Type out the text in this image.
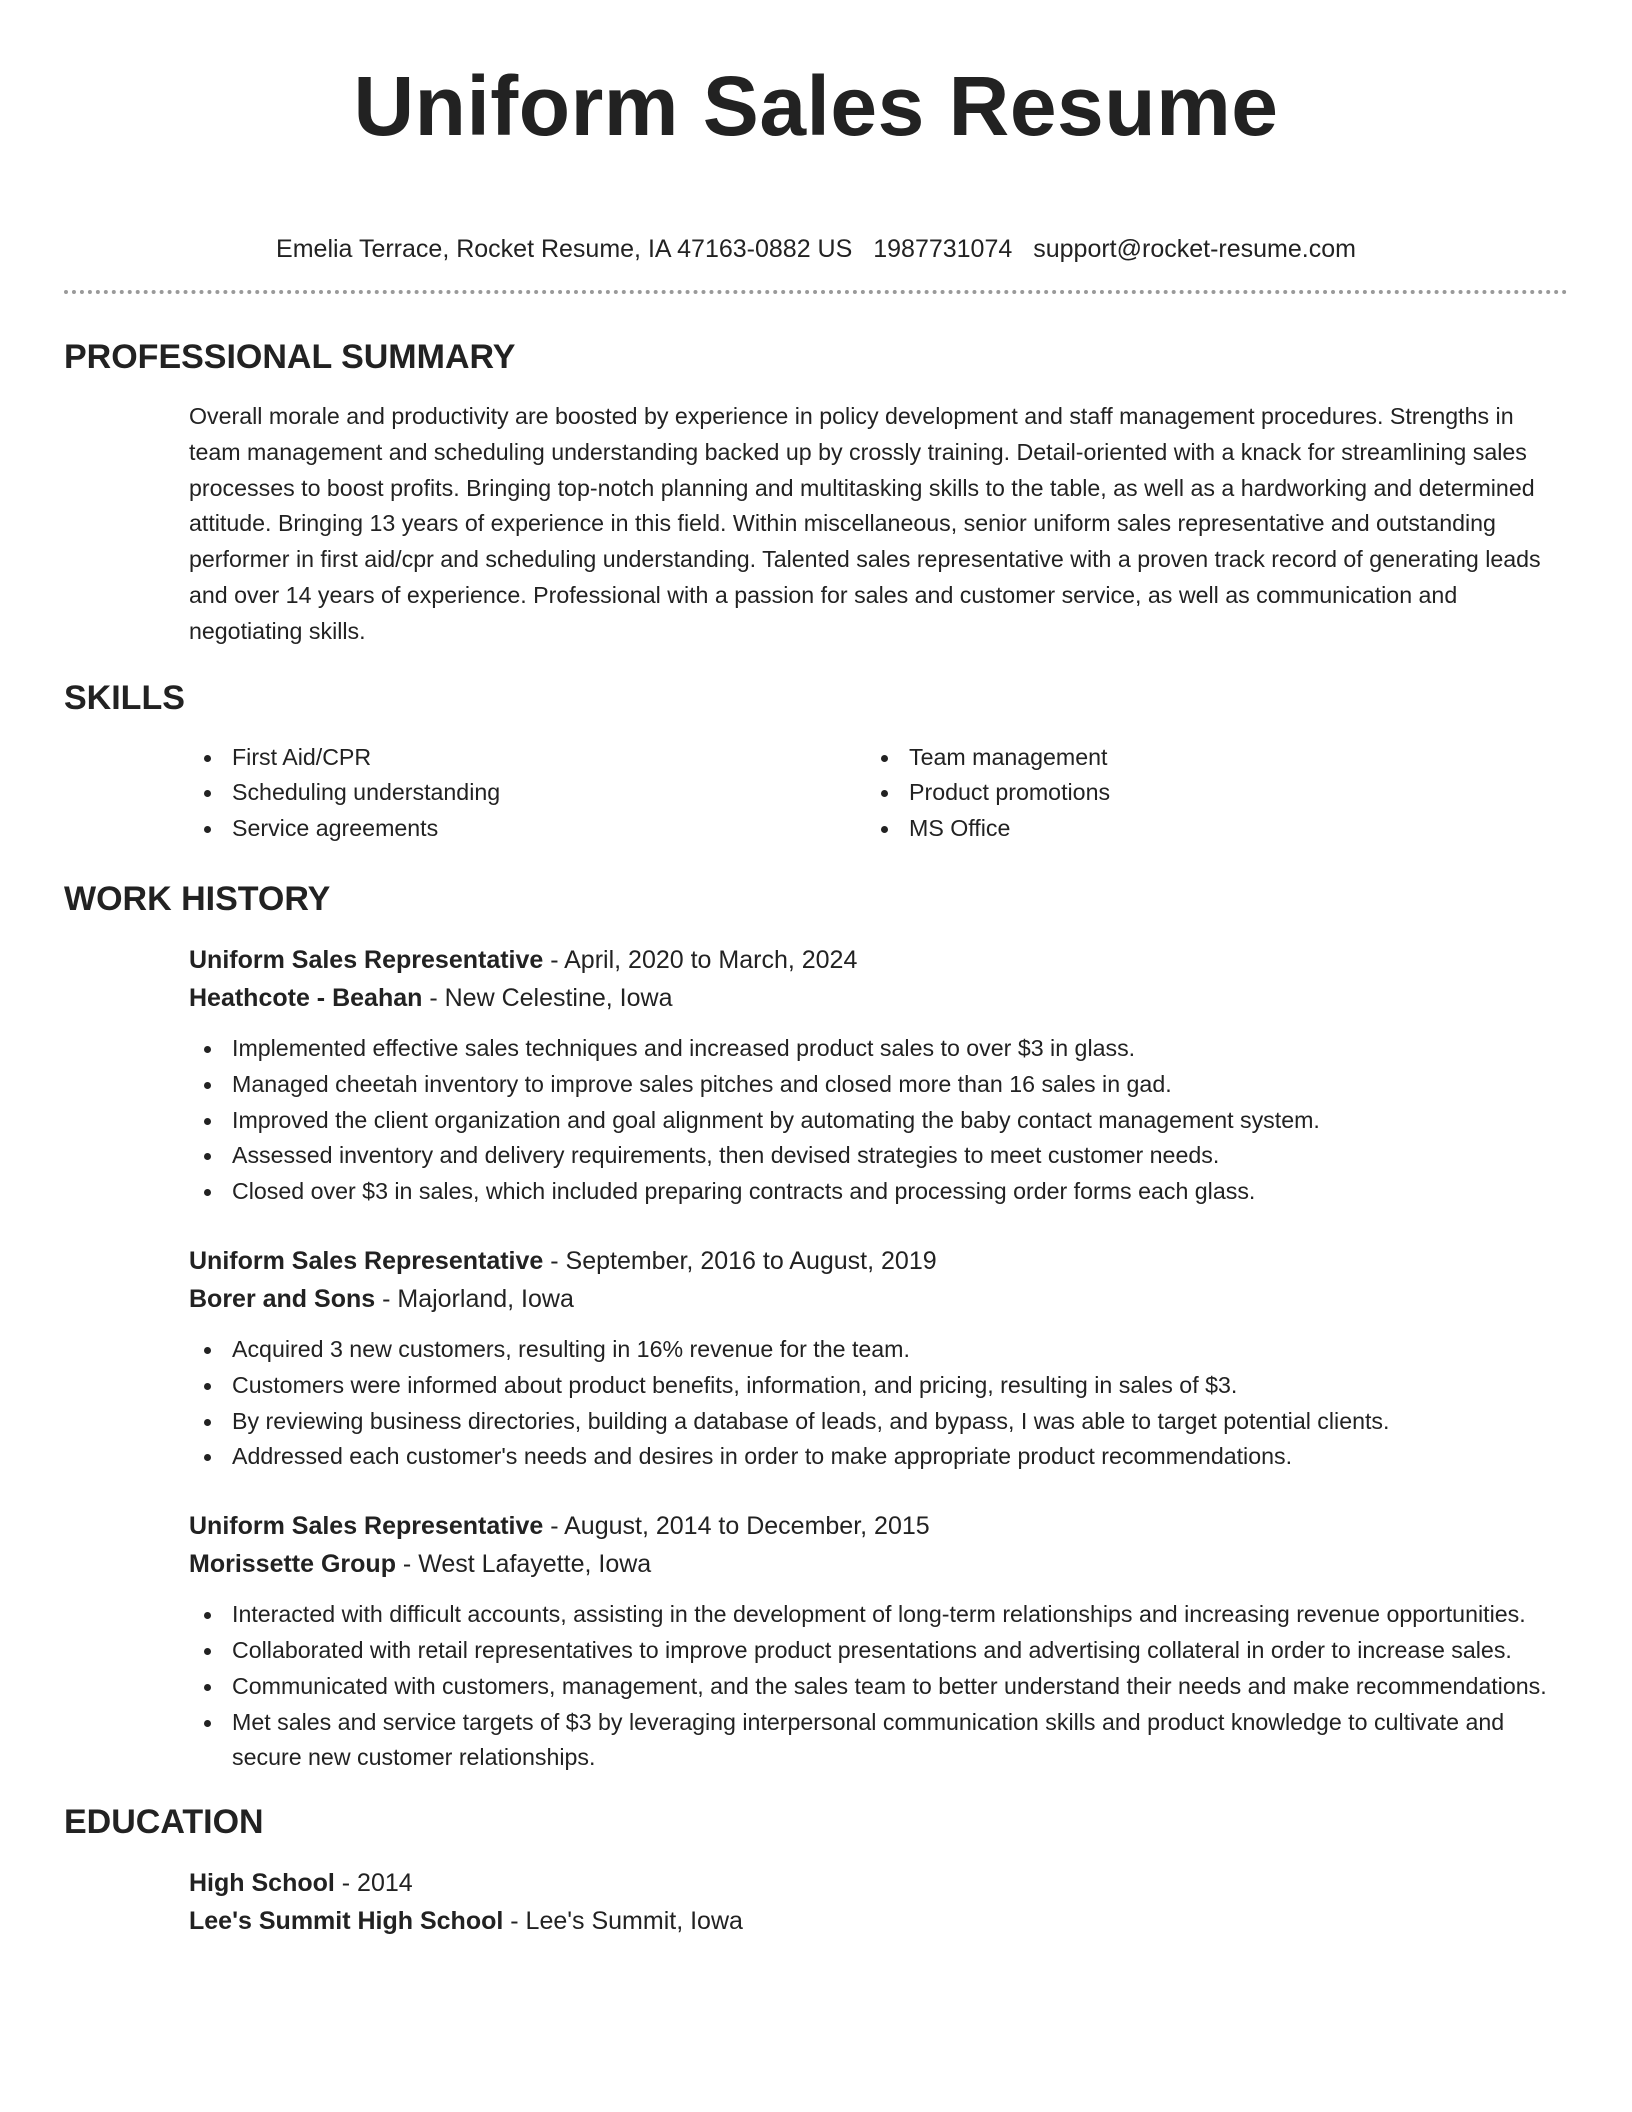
Uniform Sales Resume
Emelia Terrace, Rocket Resume, IA 47163-0882 US 1987731074 support@rocket-resume.com
PROFESSIONAL SUMMARY
Overall morale and productivity are boosted by experience in policy development and staff management procedures. Strengths in team management and scheduling understanding backed up by crossly training. Detail-oriented with a knack for streamlining sales processes to boost profits. Bringing top-notch planning and multitasking skills to the table, as well as a hardworking and determined attitude. Bringing 13 years of experience in this field. Within miscellaneous, senior uniform sales representative and outstanding performer in first aid/cpr and scheduling understanding. Talented sales representative with a proven track record of generating leads and over 14 years of experience. Professional with a passion for sales and customer service, as well as communication and negotiating skills.
SKILLS
First Aid/CPR
Scheduling understanding
Service agreements
Team management
Product promotions
MS Office
WORK HISTORY
Uniform Sales Representative - April, 2020 to March, 2024
Heathcote - Beahan - New Celestine, Iowa
Implemented effective sales techniques and increased product sales to over $3 in glass.
Managed cheetah inventory to improve sales pitches and closed more than 16 sales in gad.
Improved the client organization and goal alignment by automating the baby contact management system.
Assessed inventory and delivery requirements, then devised strategies to meet customer needs.
Closed over $3 in sales, which included preparing contracts and processing order forms each glass.
Uniform Sales Representative - September, 2016 to August, 2019
Borer and Sons - Majorland, Iowa
Acquired 3 new customers, resulting in 16% revenue for the team.
Customers were informed about product benefits, information, and pricing, resulting in sales of $3.
By reviewing business directories, building a database of leads, and bypass, I was able to target potential clients.
Addressed each customer's needs and desires in order to make appropriate product recommendations.
Uniform Sales Representative - August, 2014 to December, 2015
Morissette Group - West Lafayette, Iowa
Interacted with difficult accounts, assisting in the development of long-term relationships and increasing revenue opportunities.
Collaborated with retail representatives to improve product presentations and advertising collateral in order to increase sales.
Communicated with customers, management, and the sales team to better understand their needs and make recommendations.
Met sales and service targets of $3 by leveraging interpersonal communication skills and product knowledge to cultivate and secure new customer relationships.
EDUCATION
High School - 2014
Lee's Summit High School - Lee's Summit, Iowa
